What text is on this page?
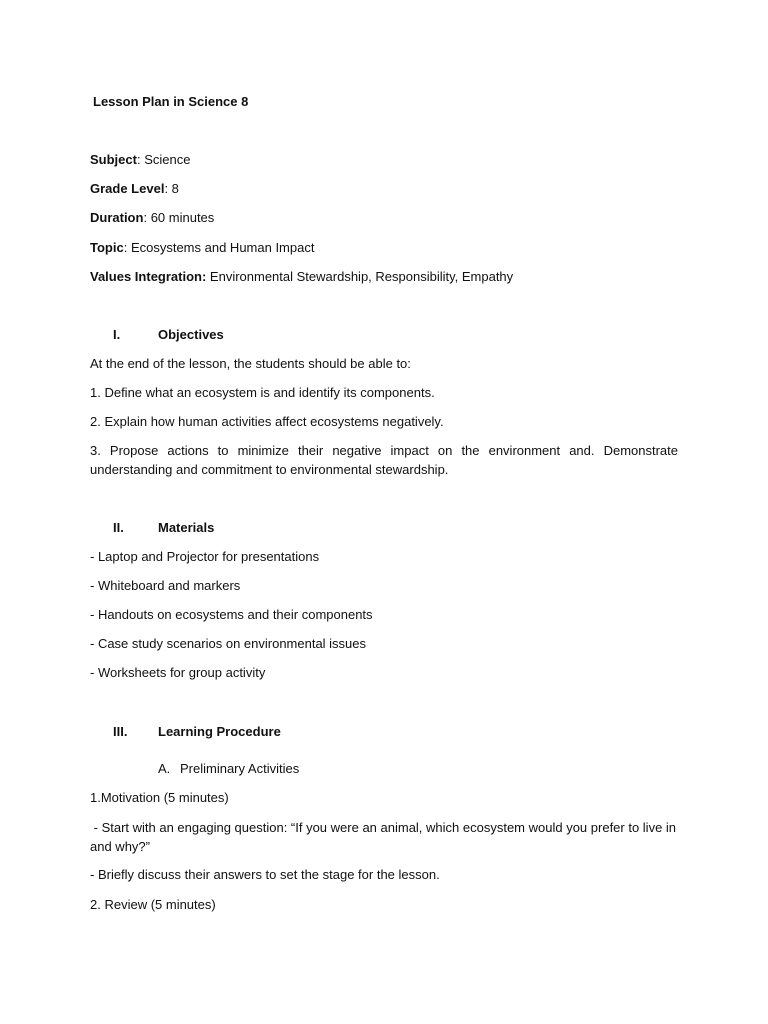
Lesson Plan in Science 8
Subject: Science
Grade Level: 8
Duration: 60 minutes
Topic: Ecosystems and Human Impact
Values Integration: Environmental Stewardship, Responsibility, Empathy
I.	Objectives
At the end of the lesson, the students should be able to:
1. Define what an ecosystem is and identify its components.
2. Explain how human activities affect ecosystems negatively.
3. Propose actions to minimize their negative impact on the environment and. Demonstrate understanding and commitment to environmental stewardship.
II.	Materials
- Laptop and Projector for presentations
- Whiteboard and markers
- Handouts on ecosystems and their components
- Case study scenarios on environmental issues
- Worksheets for group activity
III. Learning Procedure
A. Preliminary Activities
1.Motivation (5 minutes)
- Start with an engaging question: “If you were an animal, which ecosystem would you prefer to live in and why?”
- Briefly discuss their answers to set the stage for the lesson.
2. Review (5 minutes)
